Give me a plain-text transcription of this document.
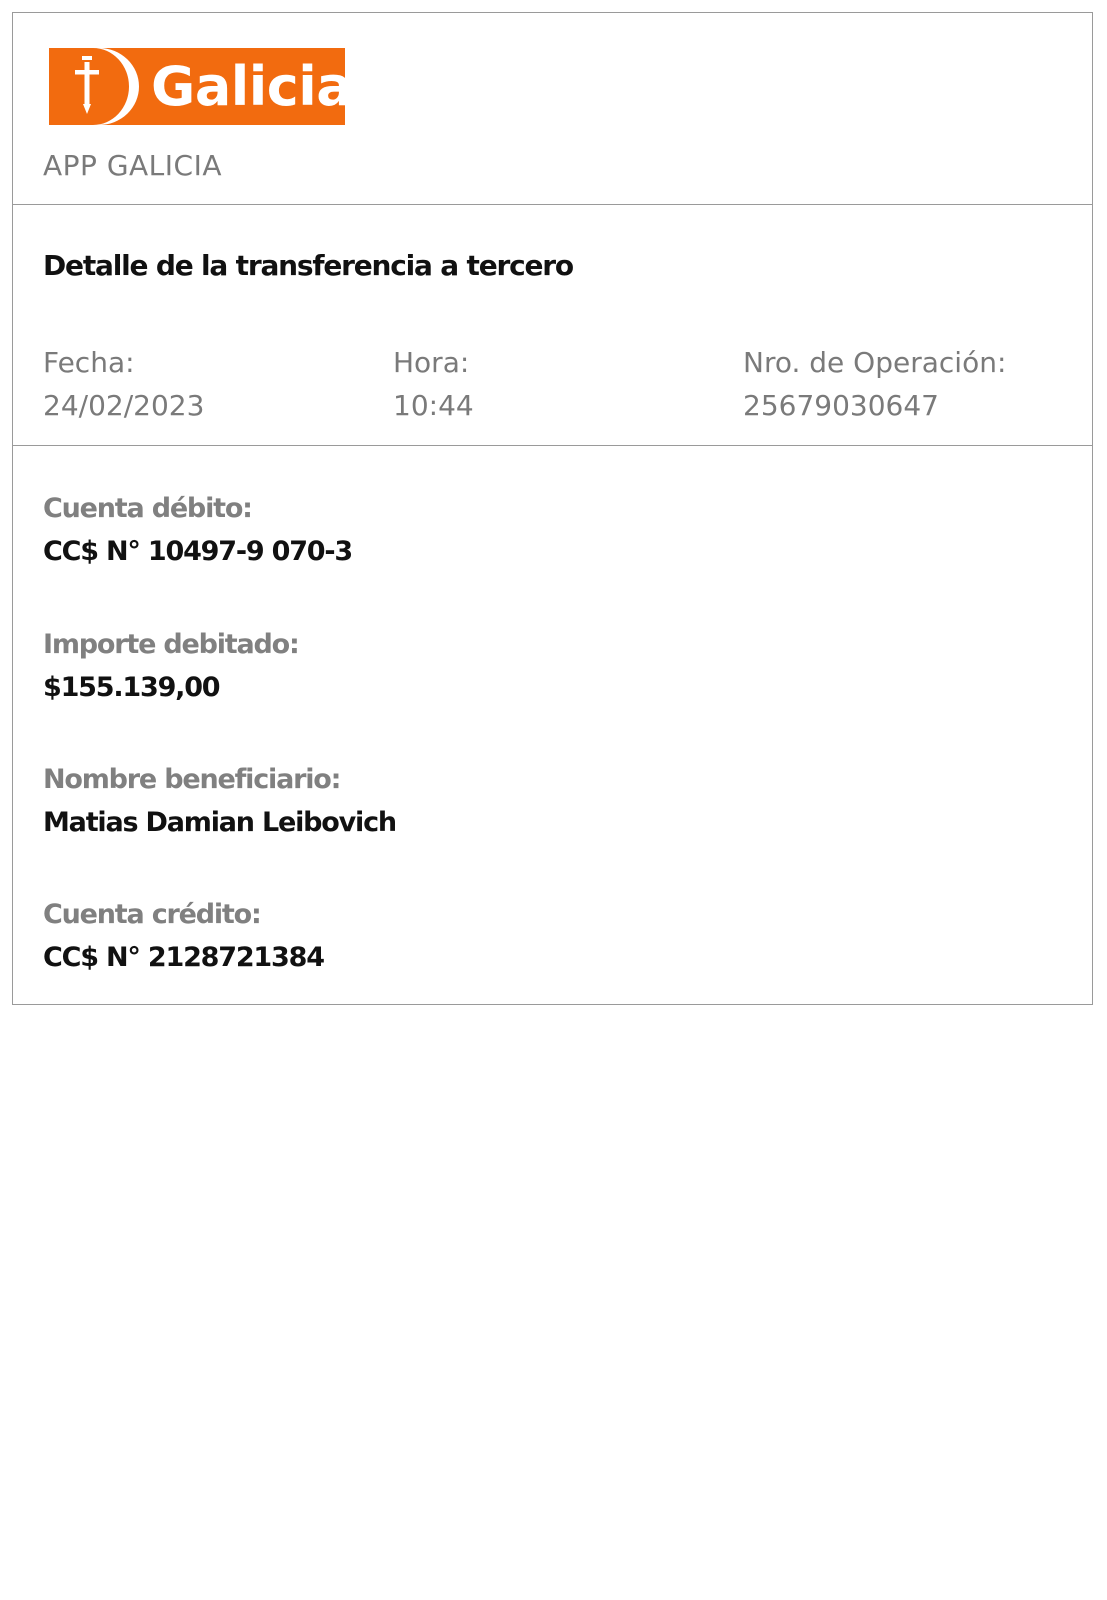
Galicia
APP GALICIA
Detalle de la transferencia a tercero
Fecha:
24/02/2023
Hora:
10:44
Nro. de Operación:
25679030647
Cuenta débito:
CC$ N° 10497-9 070-3
Importe debitado:
$155.139,00
Nombre beneficiario:
Matias Damian Leibovich
Cuenta crédito:
CC$ N° 2128721384
